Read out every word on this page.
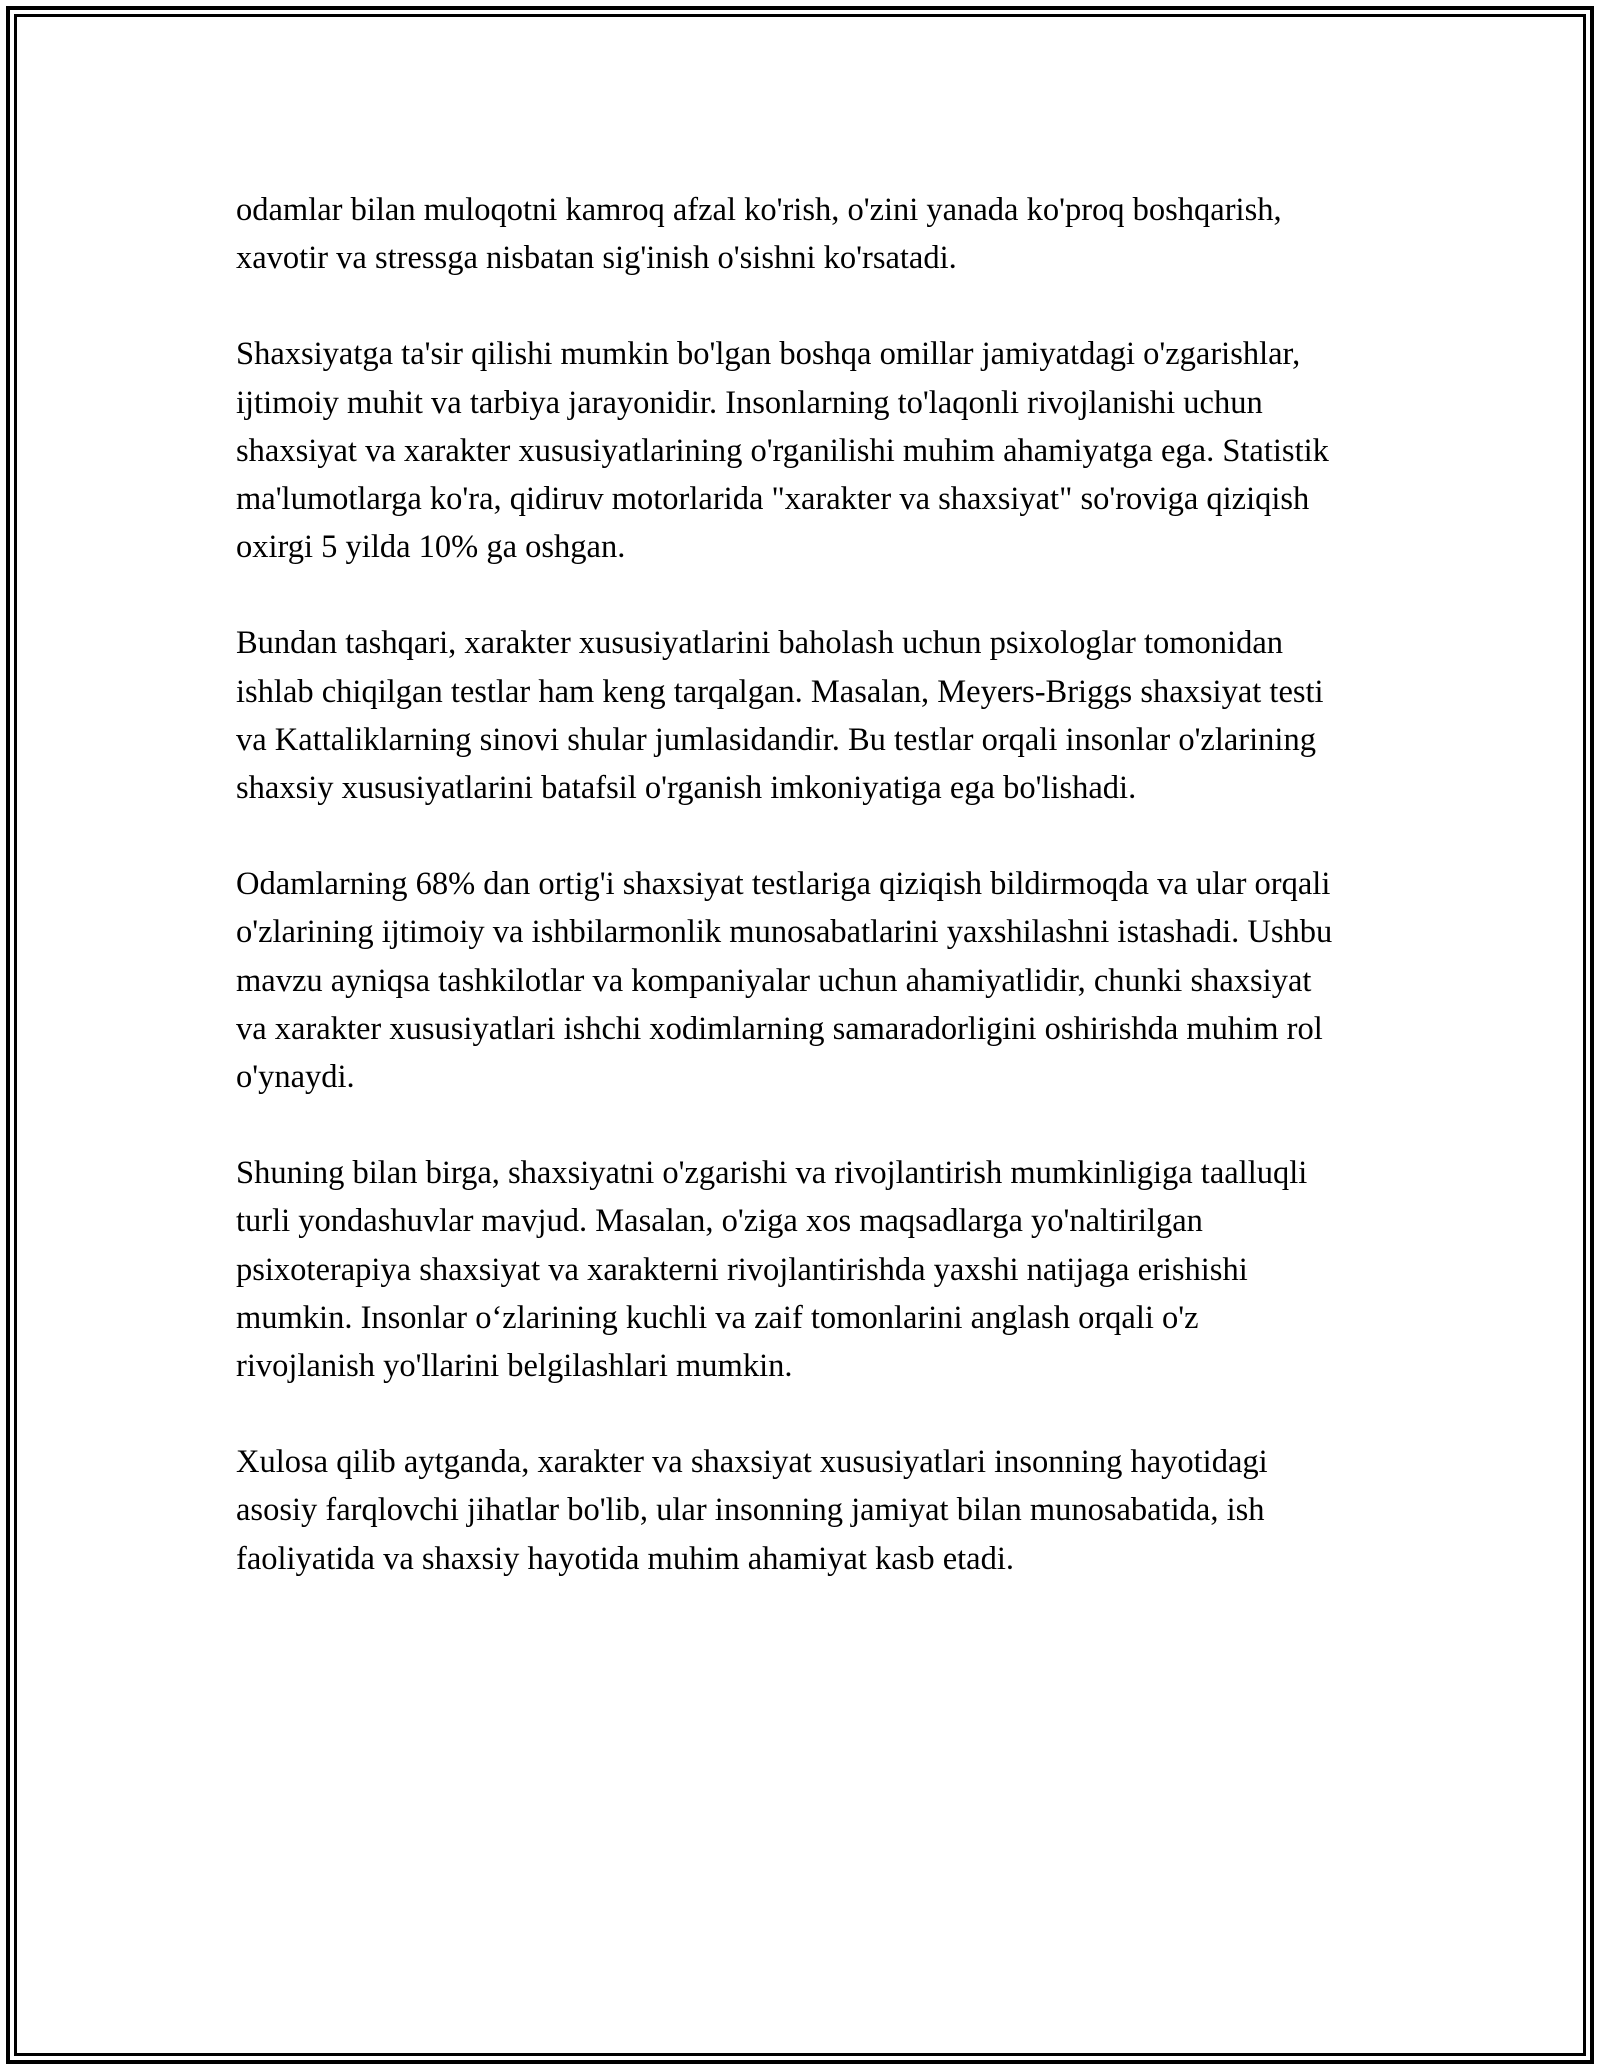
odamlar bilan muloqotni kamroq afzal ko'rish, o'zini yanada ko'proq boshqarish, xavotir va stressga nisbatan sig'inish o'sishni ko'rsatadi.

Shaxsiyatga ta'sir qilishi mumkin bo'lgan boshqa omillar jamiyatdagi o'zgarishlar, ijtimoiy muhit va tarbiya jarayonidir. Insonlarning to'laqonli rivojlanishi uchun shaxsiyat va xarakter xususiyatlarining o'rganilishi muhim ahamiyatga ega. Statistik ma'lumotlarga ko'ra, qidiruv motorlarida "xarakter va shaxsiyat" so'roviga qiziqish oxirgi 5 yilda 10% ga oshgan.

Bundan tashqari, xarakter xususiyatlarini baholash uchun psixologlar tomonidan ishlab chiqilgan testlar ham keng tarqalgan. Masalan, Meyers-Briggs shaxsiyat testi va Kattaliklarning sinovi shular jumlasidandir. Bu testlar orqali insonlar o'zlarining shaxsiy xususiyatlarini batafsil o'rganish imkoniyatiga ega bo'lishadi.

Odamlarning 68% dan ortig'i shaxsiyat testlariga qiziqish bildirmoqda va ular orqali o'zlarining ijtimoiy va ishbilarmonlik munosabatlarini yaxshilashni istashadi. Ushbu mavzu ayniqsa tashkilotlar va kompaniyalar uchun ahamiyatlidir, chunki shaxsiyat va xarakter xususiyatlari ishchi xodimlarning samaradorligini oshirishda muhim rol o'ynaydi.

Shuning bilan birga, shaxsiyatni o'zgarishi va rivojlantirish mumkinligiga taalluqli turli yondashuvlar mavjud. Masalan, o'ziga xos maqsadlarga yo'naltirilgan psixoterapiya shaxsiyat va xarakterni rivojlantirishda yaxshi natijaga erishishi mumkin. Insonlar o‘zlarining kuchli va zaif tomonlarini anglash orqali o'z rivojlanish yo'llarini belgilashlari mumkin.

Xulosa qilib aytganda, xarakter va shaxsiyat xususiyatlari insonning hayotidagi asosiy farqlovchi jihatlar bo'lib, ular insonning jamiyat bilan munosabatida, ish faoliyatida va shaxsiy hayotida muhim ahamiyat kasb etadi.
